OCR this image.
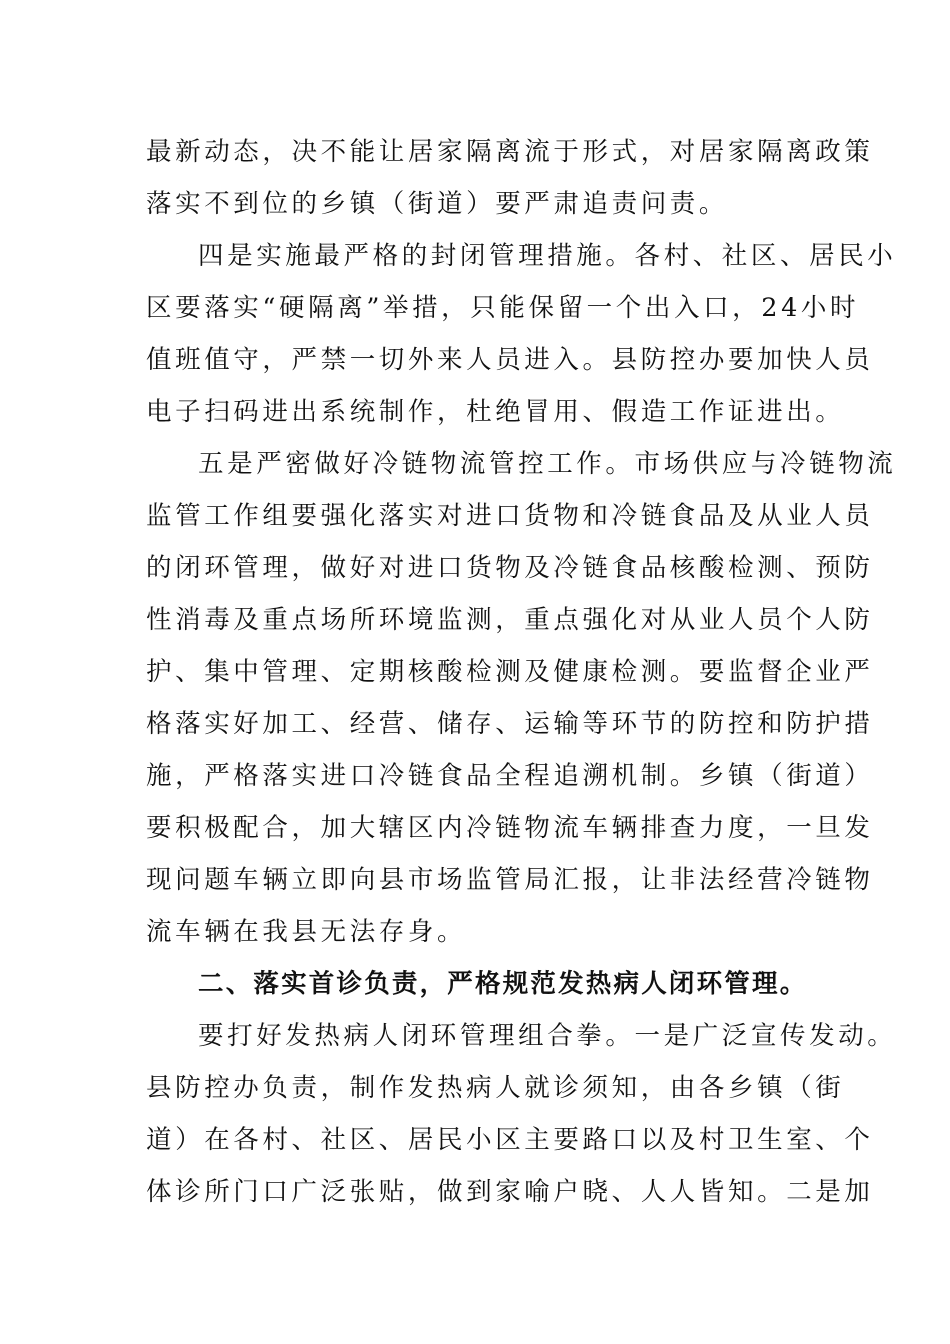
最新动态，决不能让居家隔离流于形式，对居家隔离政策
落实不到位的乡镇（街道）要严肃追责问责。
四是实施最严格的封闭管理措施。各村、社区、居民小
区要落实“硬隔离”举措，只能保留一个出入口，24小时
值班值守，严禁一切外来人员进入。县防控办要加快人员
电子扫码进出系统制作，杜绝冒用、假造工作证进出。
五是严密做好冷链物流管控工作。市场供应与冷链物流
监管工作组要强化落实对进口货物和冷链食品及从业人员
的闭环管理，做好对进口货物及冷链食品核酸检测、预防
性消毒及重点场所环境监测，重点强化对从业人员个人防
护、集中管理、定期核酸检测及健康检测。要监督企业严
格落实好加工、经营、储存、运输等环节的防控和防护措
施，严格落实进口冷链食品全程追溯机制。乡镇（街道）
要积极配合，加大辖区内冷链物流车辆排查力度，一旦发
现问题车辆立即向县市场监管局汇报，让非法经营冷链物
流车辆在我县无法存身。
二、落实首诊负责，严格规范发热病人闭环管理。
要打好发热病人闭环管理组合拳。一是广泛宣传发动。
县防控办负责，制作发热病人就诊须知，由各乡镇（街
道）在各村、社区、居民小区主要路口以及村卫生室、个
体诊所门口广泛张贴，做到家喻户晓、人人皆知。二是加
